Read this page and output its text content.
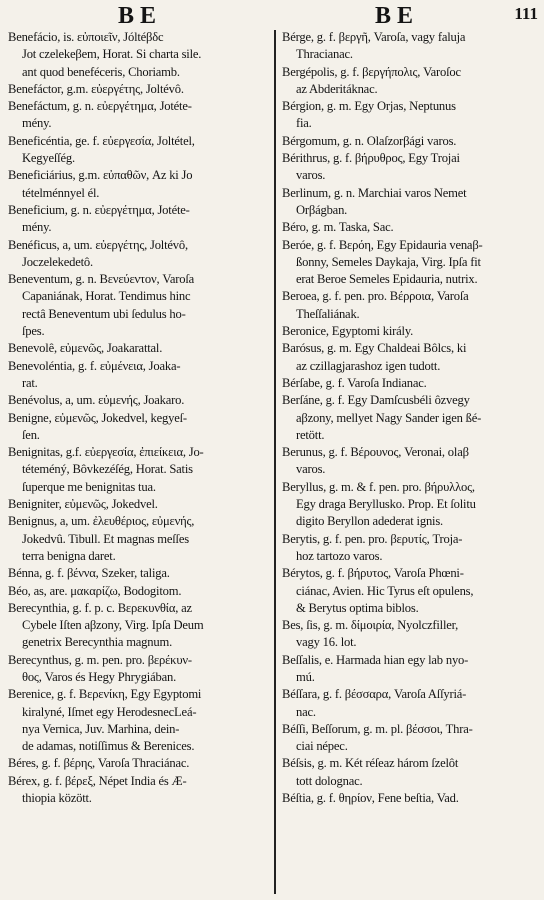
B E	B E	111
Benefácio, is. εὐποιεῖν, Jóltéβδc
Jot czelekeβem, Horat. Si charta sile.
ant quod beneféceris, Choriamb.
Benefáctor, g.m. εὐεργέτης, Joltévô.
Benefáctum, g. n. εὐεργέτημα, Jotéte-
mény.
Beneficéntia, ge. f. εὐεργεσία, Joltétel,
Kegyeſſég.
Beneficiárius, g.m. εὐπαθῶν, Az ki Jo
tételménnyel él.
Beneficium, g. n. εὐεργέτημα, Jotéte-
mény.
Benéficus, a, um. εὐεργέτης, Joltévô,
Joczelekedetô.
Beneventum, g. n. Βενεύεντον, Varoſa
Capaniának, Horat. Tendimus hinc
rectâ Beneventum ubi ſedulus ho-
ſpes.
Benevolê, εὐμενῶς, Joakarattal.
Benevoléntia, g. f. εὐμένεια, Joaka-
rat.
Benévolus, a, um. εὐμενής, Joakaro.
Benigne, εὐμενῶς, Jokedvel, kegyeſ-
ſen.
Benignitas, g.f. εὐεργεσία, ἐπιείκεια, Jo-
téteméný, Bôvkezéſég, Horat. Satis
ſuperque me benignitas tua.
Benigniter, εὐμενῶς, Jokedvel.
Benignus, a, um. ἐλευθέριος, εὐμενής,
Jokedvû. Tibull. Et magnas meſſes
terra benigna daret.
Bénna, g. f. βέννα, Szeker, taliga.
Béo, as, are. μακαρίζω, Bodogitom.
Berecynthia, g. f. p. c. Βερεκυνθία, az
Cybele Iſten aβzony, Virg. Ipſa Deum
genetrix Berecynthia magnum.
Berecynthus, g. m. pen. pro. βερέκυν-
θος, Varos és Hegy Phrygiában.
Berenice, g. f. Βερενίκη, Egy Egyptomi
kiralyné, Iſmet egy HerodesnecLeá-
nya Vernica, Juv. Marhina, dein-
de adamas, notiſſimus & Berenices.
Béres, g. f. βέρης, Varoſa Thraciánac.
Bérex, g. f. βέρεξ, Népet India és Æ-
thiopia között.
Bérge, g. f. βεργῆ, Varoſa, vagy faluja
Thracianac.
Bergépolis, g. f. βεργήπολις, Varoſoc
az Abderitáknac.
Bérgion, g. m. Egy Orjas, Neptunus
fia.
Bérgomum, g. n. Olaſzorβági varos.
Bérithrus, g. f. βήρυθρος, Egy Trojai
varos.
Berlinum, g. n. Marchiai varos Nemet
Orβágban.
Béro, g. m. Taska, Sac.
Beróe, g. f. Βερόη, Egy Epidauria venaβ-
ßonny, Semeles Daykaja, Virg. Ipſa fit
erat Beroe Semeles Epidauria, nutrix.
Beroea, g. f. pen. pro. Βέρροια, Varoſa
Theſſaliának.
Beronice, Egyptomi király.
Barósus, g. m. Egy Chaldeai Bôlcs, ki
az czillagjarashoz igen tudott.
Bérſabe, g. f. Varoſa Indianac.
Berſáne, g. f. Egy Damſcusbéli ôzvegy
aβzony, mellyet Nagy Sander igen ßé-
retött.
Berunus, g. f. Βέρουνος, Veronai, olaβ
varos.
Beryllus, g. m. & f. pen. pro. βήρυλλος,
Egy draga Beryllusko. Prop. Et ſolitu
digito Beryllon adederat ignis.
Berytis, g. f. pen. pro. βερυτίς, Troja-
hoz tartozo varos.
Bérytos, g. f. βήρυτος, Varoſa Phœni-
ciánac, Avien. Hic Tyrus eſt opulens,
& Berytus optima biblos.
Bes, ſis, g. m. δίμοιρία, Nyolczfiller,
vagy 16. lot.
Beſſalis, e. Harmada hian egy lab nyo-
mú.
Béſſara, g. f. βέσσαρα, Varoſa Aſſyriá-
nac.
Béſſi, Beſſorum, g. m. pl. βέσσοι, Thra-
ciai népec.
Béſsis, g. m. Két réſeaz három ſzelôt
tott dolognac.
Béſtia, g. f. θηρίον, Fene beſtia, Vad.
